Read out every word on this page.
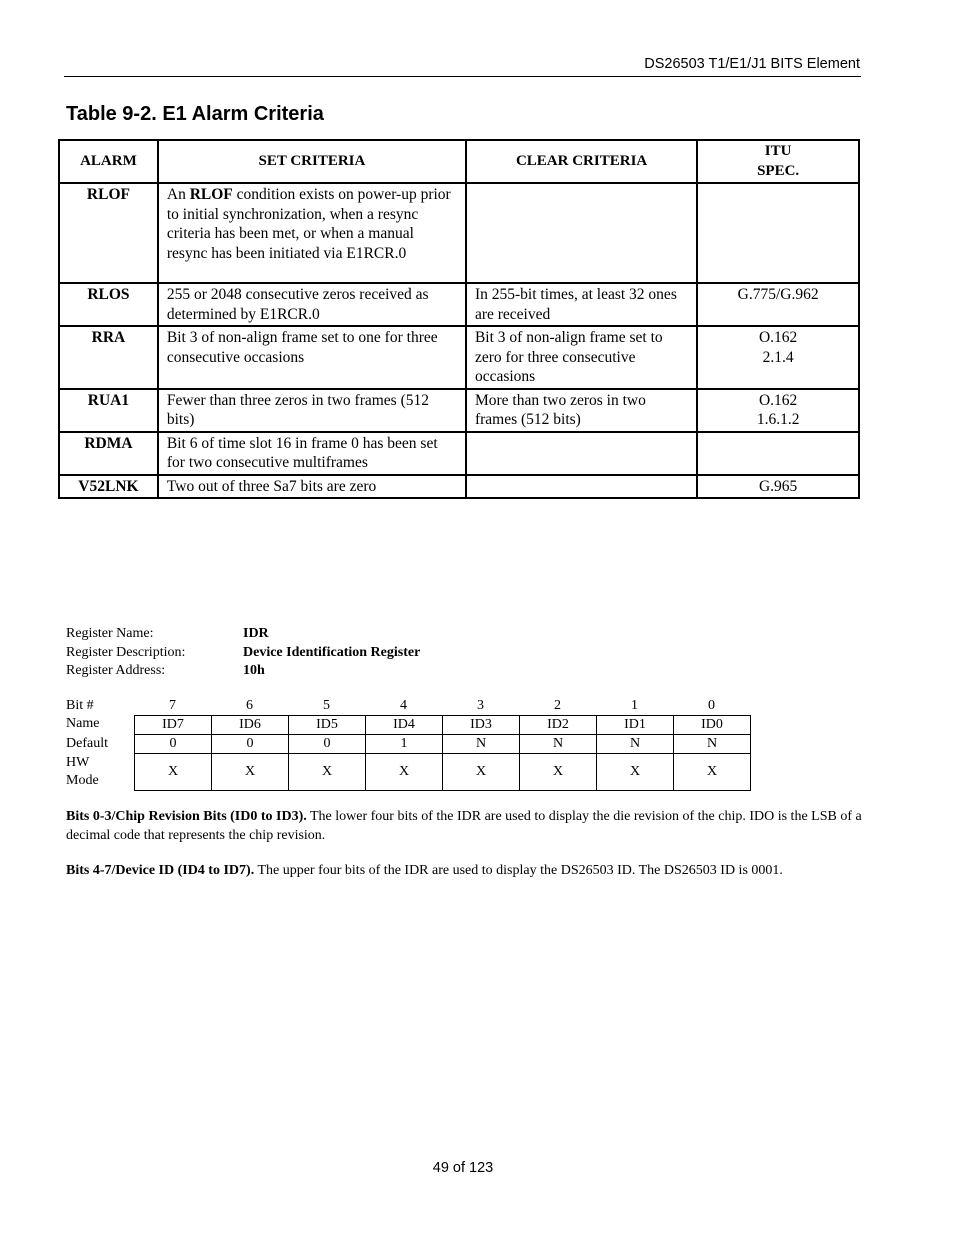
DS26503 T1/E1/J1 BITS Element
Table 9-2. E1 Alarm Criteria
ALARM	SET CRITERIA	CLEAR CRITERIA	ITU
SPEC.

RLOF	An RLOF condition exists on power-up prior to initial synchronization, when a resync criteria has been met, or when a manual resync has been initiated via E1RCR.0		

RLOS	255 or 2048 consecutive zeros received as determined by E1RCR.0	In 255-bit times, at least 32 ones are received	G.775/G.962

RRA	Bit 3 of non-align frame set to one for three consecutive occasions	Bit 3 of non-align frame set to zero for three consecutive occasions	O.162
2.1.4

RUA1	Fewer than three zeros in two frames (512 bits)	More than two zeros in two frames (512 bits)	O.162
1.6.1.2

RDMA	Bit 6 of time slot 16 in frame 0 has been set for two consecutive multiframes		

V52LNK	Two out of three Sa7 bits are zero		G.965
Register Name:	IDR
Register Description:	Device Identification Register
Register Address:	10h
Bit #	7	6	5	4	3	2	1	0
Name	ID7	ID6	ID5	ID4	ID3	ID2	ID1	ID0
Default	0	0	0	1	N	N	N	N
HW
Mode
X	X	X	X	X	X	X	X
Bits 0-3/Chip Revision Bits (ID0 to ID3). The lower four bits of the IDR are used to display the die revision of the chip. IDO is the LSB of a decimal code that represents the chip revision.
Bits 4-7/Device ID (ID4 to ID7). The upper four bits of the IDR are used to display the DS26503 ID. The DS26503 ID is 0001.
49 of 123
